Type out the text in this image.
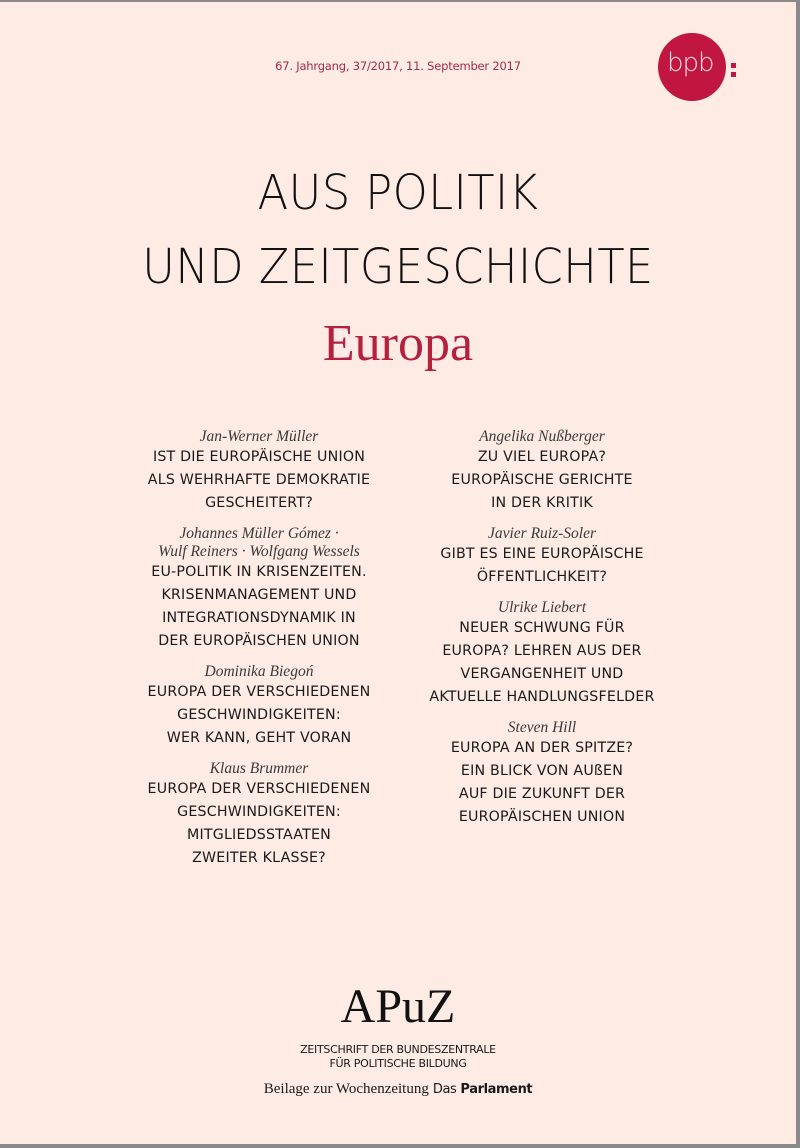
67. Jahrgang, 37/2017, 11. September 2017	bpb
AUS POLITIK
UND ZEITGESCHICHTE
Europa
Jan-Werner Müller
IST DIE EUROPÄISCHE UNION
ALS WEHRHAFTE DEMOKRATIE
GESCHEITERT?
Johannes Müller Gómez ·
Wulf Reiners · Wolfgang Wessels
EU-POLITIK IN KRISENZEITEN.
KRISENMANAGEMENT UND
INTEGRATIONSDYNAMIK IN
DER EUROPÄISCHEN UNION
Dominika Biegoń
EUROPA DER VERSCHIEDENEN
GESCHWINDIGKEITEN:
WER KANN, GEHT VORAN
Klaus Brummer
EUROPA DER VERSCHIEDENEN
GESCHWINDIGKEITEN:
MITGLIEDSSTAATEN
ZWEITER KLASSE?
Angelika Nußberger
ZU VIEL EUROPA?
EUROPÄISCHE GERICHTE
IN DER KRITIK
Javier Ruiz-Soler
GIBT ES EINE EUROPÄISCHE
ÖFFENTLICHKEIT?
Ulrike Liebert
NEUER SCHWUNG FÜR
EUROPA? LEHREN AUS DER
VERGANGENHEIT UND
AKTUELLE HANDLUNGSFELDER
Steven Hill
EUROPA AN DER SPITZE?
EIN BLICK VON AUßEN
AUF DIE ZUKUNFT DER
EUROPÄISCHEN UNION
APuZ
ZEITSCHRIFT DER BUNDESZENTRALE
FÜR POLITISCHE BILDUNG
Beilage zur Wochenzeitung Das Parlament
